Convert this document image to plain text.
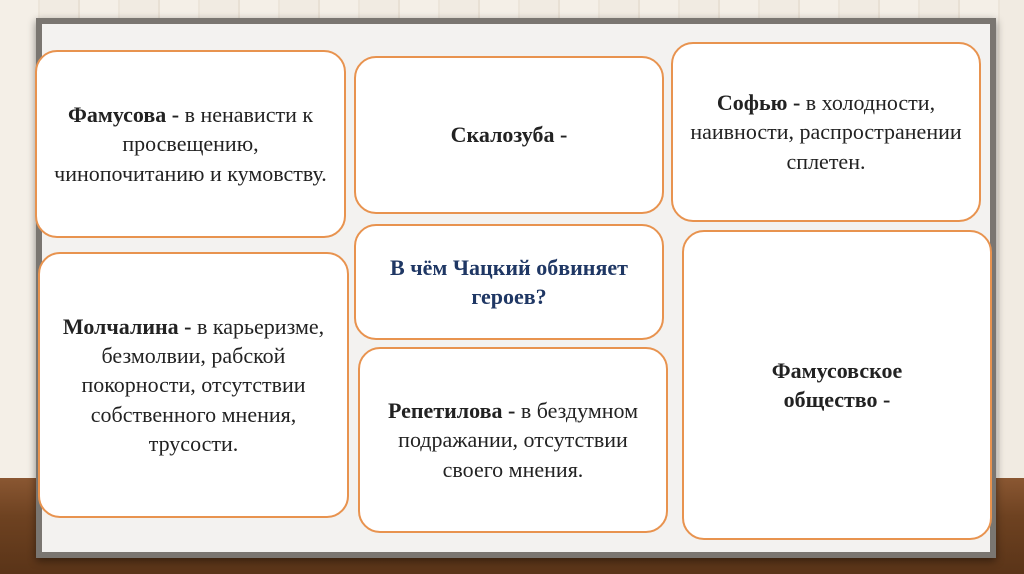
Фамусова - в ненависти к просвещению, чинопочитанию и кумовству.

Скалозуба -

Софью - в холодности, наивности, распространении сплетен.

В чём Чацкий обвиняет героев?

Молчалина - в карьеризме, безмолвии, рабской покорности, отсутствии собственного мнения, трусости.

Репетилова - в бездумном подражании, отсутствии своего мнения.

Фамусовское общество -
